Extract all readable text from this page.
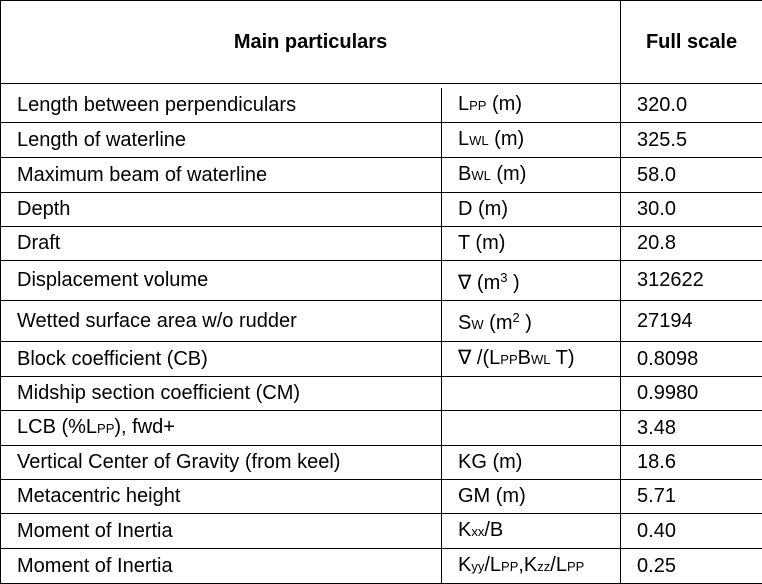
Main particulars		Full scale

Length between perpendiculars	LPP (m)	320.0
Length of waterline	LWL (m)	325.5
Maximum beam of waterline	BWL (m)	58.0
Depth	D (m)	30.0
Draft	T (m)	20.8
Displacement volume	∇ ($m^3$ )	312622
Wetted surface area w/o rudder	SW ($m^2$ )	27194
Block coefficient (CB)	∇ /(LPPBWL T)	0.8098
Midship section coefficient (CM)		0.9980
LCB (%LPP), fwd+		3.48
Vertical Center of Gravity (from keel)	KG (m)	18.6
Metacentric height	GM (m)	5.71
Moment of Inertia	Kxx/B	0.40
Moment of Inertia	Kyy/LPP,Kzz/LPP	0.25
